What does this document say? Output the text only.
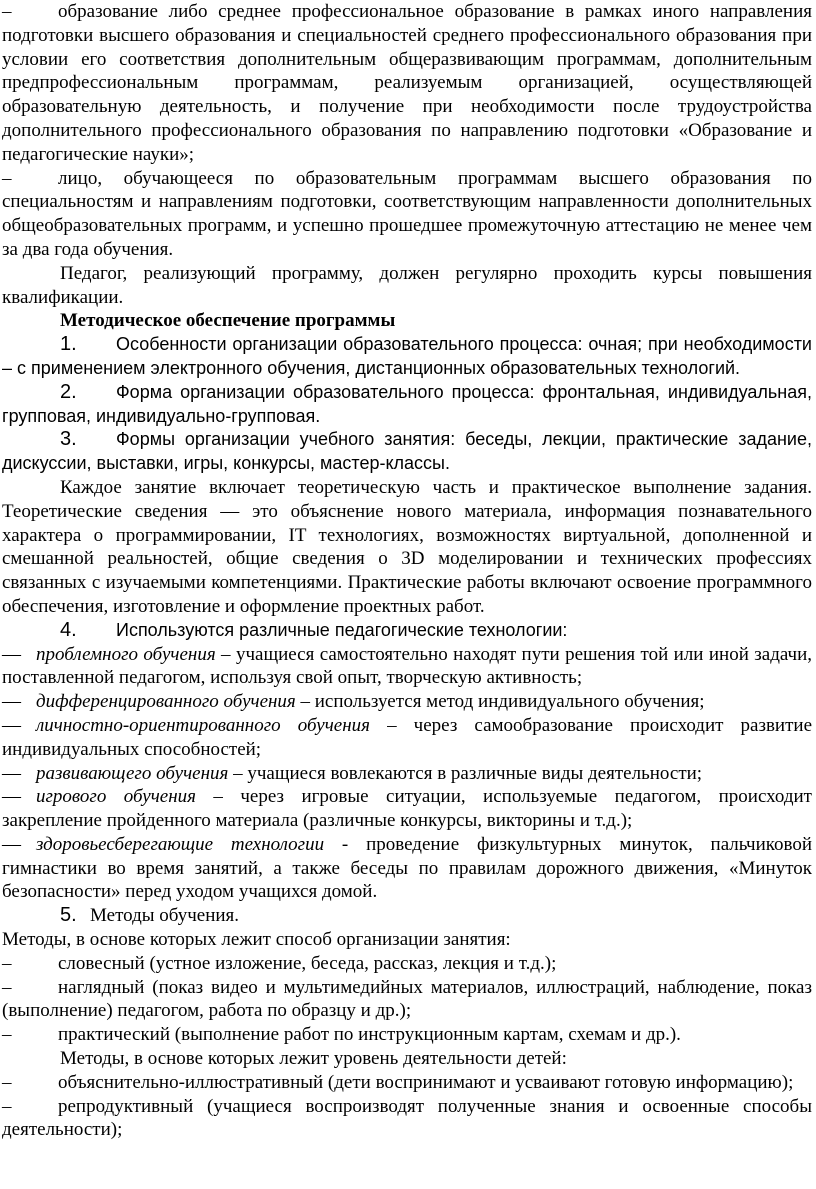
– образование либо среднее профессиональное образование в рамках иного направления подготовки высшего образования и специальностей среднего профессионального образования при условии его соответствия дополнительным общеразвивающим программам, дополнительным предпрофессиональным программам, реализуемым организацией, осуществляющей образовательную деятельность, и получение при необходимости после трудоустройства дополнительного профессионального образования по направлению подготовки «Образование и педагогические науки»;

– лицо, обучающееся по образовательным программам высшего образования по специальностям и направлениям подготовки, соответствующим направленности дополнительных общеобразовательных программ, и успешно прошедшее промежуточную аттестацию не менее чем за два года обучения.

Педагог, реализующий программу, должен регулярно проходить курсы повышения квалификации.

Методическое обеспечение программы

1. Особенности организации образовательного процесса: очная; при необходимости – с применением электронного обучения, дистанционных образовательных технологий.

2. Форма организации образовательного процесса: фронтальная, индивидуальная, групповая, индивидуально-групповая.

3. Формы организации учебного занятия: беседы, лекции, практические задание, дискуссии, выставки, игры, конкурсы, мастер-классы.

Каждое занятие включает теоретическую часть и практическое выполнение задания. Теоретические сведения — это объяснение нового материала, информация познавательного характера о программировании, IT технологиях, возможностях виртуальной, дополненной и смешанной реальностей, общие сведения о 3D моделировании и технических профессиях связанных с изучаемыми компетенциями. Практические работы включают освоение программного обеспечения, изготовление и оформление проектных работ.

4. Используются различные педагогические технологии:

— проблемного обучения – учащиеся самостоятельно находят пути решения той или иной задачи, поставленной педагогом, используя свой опыт, творческую активность;

— дифференцированного обучения – используется метод индивидуального обучения;

— личностно-ориентированного обучения – через самообразование происходит развитие индивидуальных способностей;

— развивающего обучения – учащиеся вовлекаются в различные виды деятельности;

— игрового обучения – через игровые ситуации, используемые педагогом, происходит закрепление пройденного материала (различные конкурсы, викторины и т.д.);

— здоровьесберегающие технологии - проведение физкультурных минуток, пальчиковой гимнастики во время занятий, а также беседы по правилам дорожного движения, «Минуток безопасности» перед уходом учащихся домой.

5. Методы обучения.

Методы, в основе которых лежит способ организации занятия:

– словесный (устное изложение, беседа, рассказ, лекция и т.д.);

– наглядный (показ видео и мультимедийных материалов, иллюстраций, наблюдение, показ (выполнение) педагогом, работа по образцу и др.);

– практический (выполнение работ по инструкционным картам, схемам и др.).

Методы, в основе которых лежит уровень деятельности детей:

– объяснительно-иллюстративный (дети воспринимают и усваивают готовую информацию);

– репродуктивный (учащиеся воспроизводят полученные знания и освоенные способы деятельности);
